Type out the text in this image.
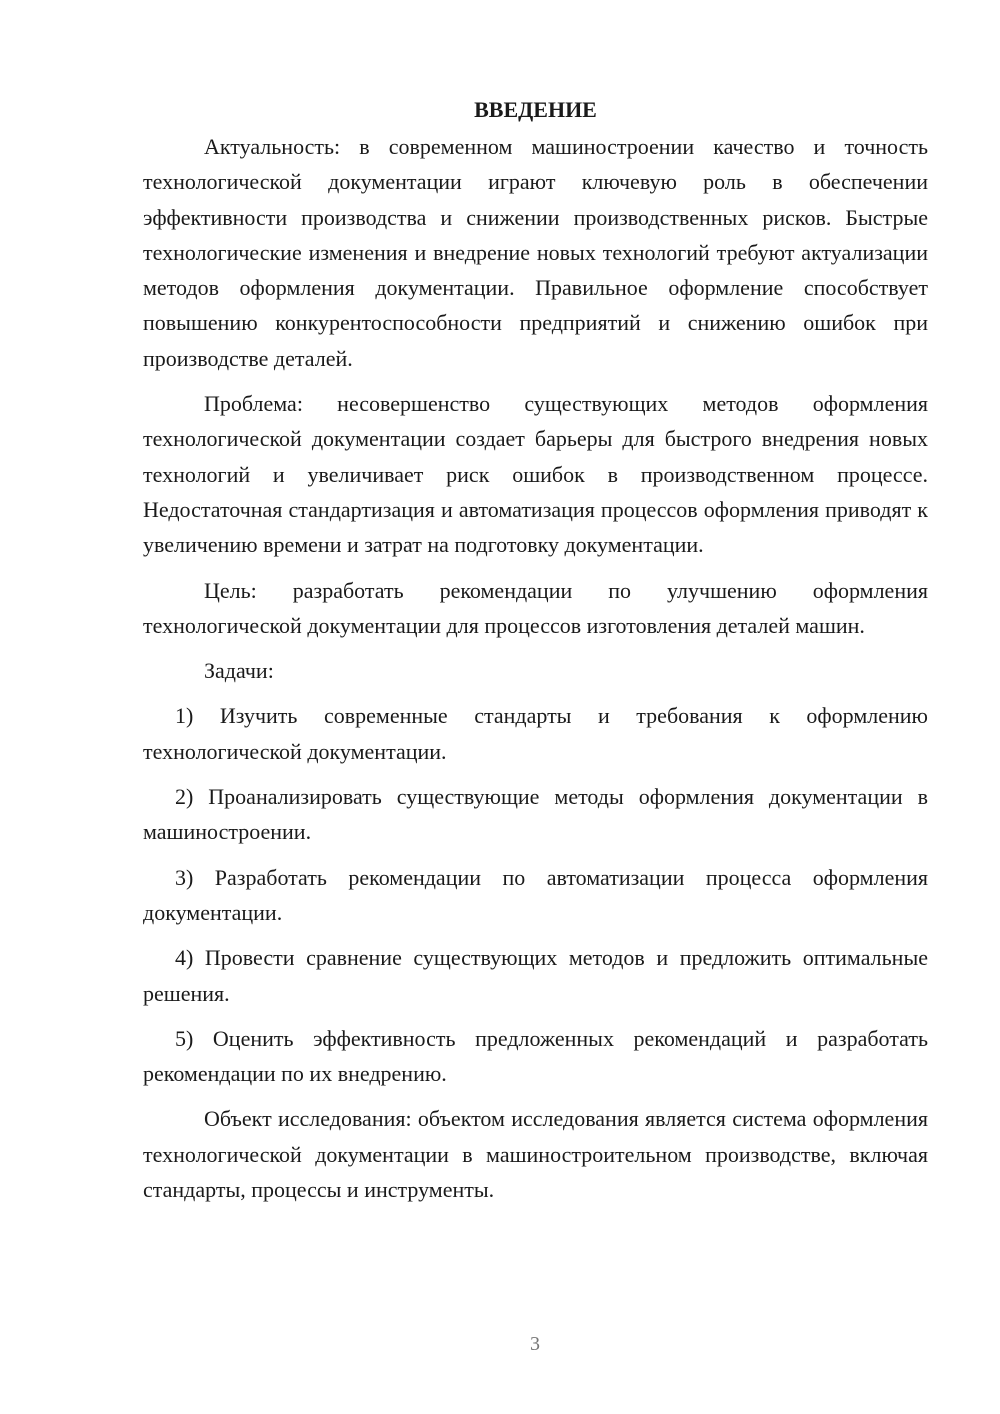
ВВЕДЕНИЕ

Актуальность: в современном машиностроении качество и точность технологической документации играют ключевую роль в обеспечении эффективности производства и снижении производственных рисков. Быстрые технологические изменения и внедрение новых технологий требуют актуализации методов оформления документации. Правильное оформление способствует повышению конкурентоспособности предприятий и снижению ошибок при производстве деталей.

Проблема: несовершенство существующих методов оформления технологической документации создает барьеры для быстрого внедрения новых технологий и увеличивает риск ошибок в производственном процессе. Недостаточная стандартизация и автоматизация процессов оформления приводят к увеличению времени и затрат на подготовку документации.

Цель: разработать рекомендации по улучшению оформления технологической документации для процессов изготовления деталей машин.

Задачи:

1) Изучить современные стандарты и требования к оформлению технологической документации.

2) Проанализировать существующие методы оформления документации в машиностроении.

3) Разработать рекомендации по автоматизации процесса оформления документации.

4) Провести сравнение существующих методов и предложить оптимальные решения.

5) Оценить эффективность предложенных рекомендаций и разработать рекомендации по их внедрению.

Объект исследования: объектом исследования является система оформления технологической документации в машиностроительном производстве, включая стандарты, процессы и инструменты.

3
